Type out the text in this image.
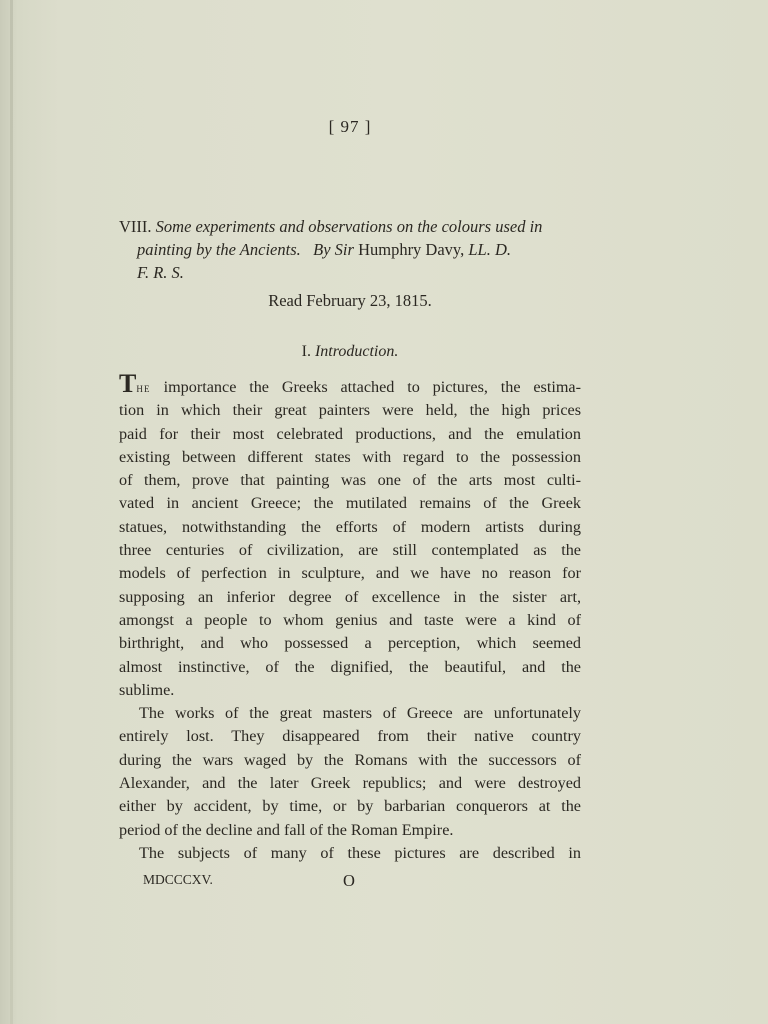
[ 97 ]
VIII. Some experiments and observations on the colours used in
painting by the Ancients. By Sir Humphry Davy, LL. D.
F. R. S.
Read February 23, 1815.
I. Introduction.
The importance the Greeks attached to pictures, the estima-
tion in which their great painters were held, the high prices
paid for their most celebrated productions, and the emulation
existing between different states with regard to the possession
of them, prove that painting was one of the arts most culti-
vated in ancient Greece; the mutilated remains of the Greek
statues, notwithstanding the efforts of modern artists during
three centuries of civilization, are still contemplated as the
models of perfection in sculpture, and we have no reason for
supposing an inferior degree of excellence in the sister art,
amongst a people to whom genius and taste were a kind of
birthright, and who possessed a perception, which seemed
almost instinctive, of the dignified, the beautiful, and the
sublime.
The works of the great masters of Greece are unfortunately
entirely lost. They disappeared from their native country
during the wars waged by the Romans with the successors of
Alexander, and the later Greek republics; and were destroyed
either by accident, by time, or by barbarian conquerors at the
period of the decline and fall of the Roman Empire.
The subjects of many of these pictures are described in
MDCCCXV.	O
